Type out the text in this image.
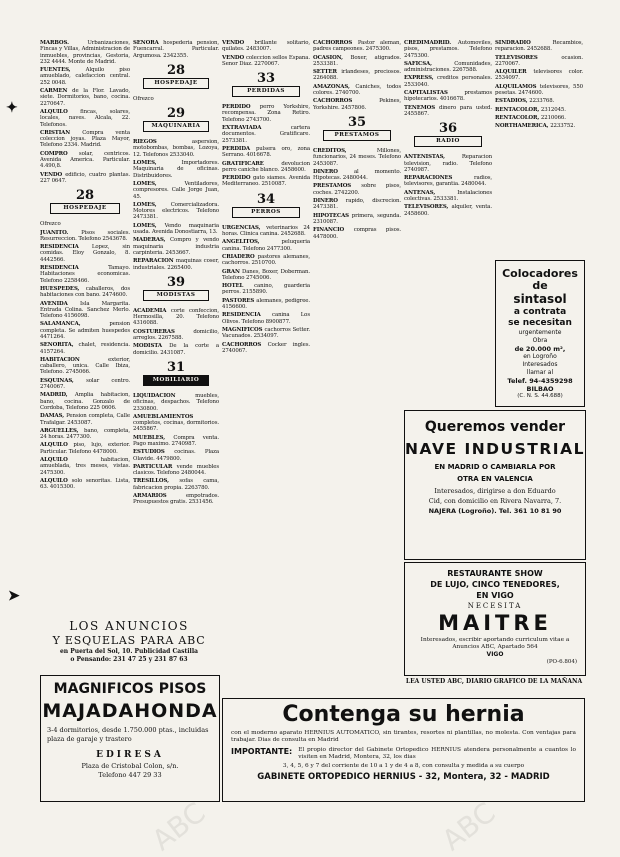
ABC	ABC
✦
➤

MARBOS. Urbanizaciones, Fincas y Villas, Administracion de inmuebles, provincias, Gestoria, 232 4444. Monte de Madrid.

FUENTES, Alquilo piso amueblado, calefaccion central. 252 0048.

CARMEN de la Flor. Lavado, siete. Dormitorios, bano, cocina. 2270647.

ALQUILO fincas, solares, locales, naves. Alcala, 22. Telefonos.

CRISTIAN Compra venta coleccion joyas. Plaza Mayor, Telefono 2334. Madrid.

COMPRO solar, centricos. Avenida America. Particular. 4.490,8.

VENDO edificio, cuatro plantas. 227 0647.

28
HOSPEDAJE

Ofrezco

JUANITO. Pisos sociales. Resurreccion. Telefono 2543678.

RESIDENCIA Lopez, sin comidas. Eloy Gonzalo, 8. 4442566.

RESIDENCIA Tamayo. Habitaciones economicas. Telefono 2258466.

HUESPEDES, caballeros, dos habitaciones con bano. 2474600.

AVENIDA Isla Margarita. Entrada Colina. Sanchez Merlo. Telefono 4156098.

SALAMANCA, pension completa. Se admiten huespedes 4471264.

SENORITA, chalet, residencia. 4157264.

HABITACION exterior, caballero, unica. Calle Ibiza, Telefono. 2745066.

ESQUINAS, solar centro. 2740067.

MADRID, Amplia habitacion, bano, cocina. Gonzalo de Cordoba, Telefono 225 0606.

DAMAS, Pension completa, Calle Trafalgar. 2453087.

ARGUELLES, bano, completa, 24 horas. 2477300.

ALQUILO piso, lujo, exterior. Particular. Telefono 4478000.

ALQUILO habitacion, amueblada, tres meses, vistas. 2475300.

ALQUILO solo senoritas. Lista, 63. 4015300.

SENORA hospederia pension, Fuencarral. Particular. Argumosa. 2342355.

28
HOSPEDAJE

Ofrezco

29
MAQUINARIA

RIEGOS aspersion, motobombas, bombas, Lozoya, 12. Telefonos 2533040.

LOMES, Importadores. Maquinaria de oficinas. Distribuidores.

LOMES, Ventiladores, compresores. Calle Jorge Juan, 45.

LOMES, Comercializadora. Motores electricos. Telefono 2473381.

LOMES, Vendo maquinaria usada. Avenida Donostiarra, 13.

MADERAS, Compro y vendo maquinaria industria carpinteria. 2453667.

REPARACION maquinas coser, industriales. 2265400.

39
MODISTAS

ACADEMIA corte confeccion, Hermosilla, 20. Telefono 4316088.

COSTURERAS domicilio, arreglos. 2267588.

MODISTA De la corte a domicilio. 2431087.

31
MOBILIARIO

LIQUIDACION muebles, oficinas, despachos. Telefono 2330800.

AMUEBLAMIENTOS completos, cocinas, dormitorios. 2455867.

MUEBLES, Compra venta. Pago maximo. 2740987.

ESTUDIOS cocinas. Plaza Olavide. 4479800.

PARTICULAR vende muebles clasicos. Telefono 2480044.

TRESILLOS, sofas cama, fabricacion propia. 2263780.

ARMARIOS empotrados. Presupuestos gratis. 2531456.

VENDO brillante solitario, quilates. 2483007.

VENDO coleccion sellos Espana. Senor Diaz. 2270067.

33
PERDIDAS

PERDIDO perro Yorkshire, recompensa. Zona Retiro. Telefono 2743700.

EXTRAVIADA cartera documentos. Gratificare. 2573381.

PERDIDA pulsera oro, zona Serrano. 4016678.

GRATIFICARE devolucion perro caniche blanco. 2458600.

PERDIDO gato siames. Avenida Mediterraneo. 2510087.

34
PERROS

URGENCIAS, veterinarios 24 horas. Clinica canina. 2452688.

ANGELITOS, peluqueria canina. Telefono 2477300.

CRIADERO pastores alemanes, cachorros. 2510700.

GRAN Danes, Boxer, Doberman. Telefono 2745006.

HOTEL canino, guarderia perros. 2155890.

PASTORES alemanes, pedigree. 4156600.

RESIDENCIA canina Los Olivos. Telefono 8900877.

MAGNIFICOS cachorros Setter. Vacunados. 2534097.

CACHORROS Cocker ingles. 2740067.

CACHORROS Pastor aleman, padres campeones. 2475300.

OCASION, Boxer, atigrados. 2533381.

SETTER irlandeses, preciosos. 2264088.

AMAZONAS, Caniches, todos colores. 2740700.

CACHORROS Pekines, Yorkshire. 2457806.

35
PRESTAMOS

CREDITOS, Millones, funcionarios, 24 meses. Telefono 2453087.

DINERO al momento. Hipotecas. 2480044.

PRESTAMOS sobre pisos, coches. 2742200.

DINERO rapido, discrecion. 2473381.

HIPOTECAS primera, segunda. 2310087.

FINANCIO compras pisos. 4478000.

CREDIMADRID. Automoviles, pisos, prestamos. Telefono 2475300.

SAFICSA, Comunidades, administraciones. 2267588.

EXPRESS, creditos personales. 2533040.

CAPITALISTAS prestamos hipotecarios. 4016678.

TENEMOS dinero para usted. 2455867.

36
RADIO

ANTENISTAS, Reparacion television, radio. Telefono 2740987.

REPARACIONES radios, televisores, garantia. 2480044.

ANTENAS, Instalaciones colectivas. 2533381.

TELEVISORES, alquiler, venta. 2458600.

SINDRADIO Recambios, reparacion. 2452688.

TELEVISORES ocasion. 2270067.

ALQUILER televisores color. 2534097.

ALQUILAMOS televisores, 550 pesetas. 2474600.

ESTADIOS, 2233768.

RENTACOLOR, 2312045.

RENTACOLOR, 2210066.

NORTHAMERICA, 2233752.

Colocadores
de
sintasol
a contrata
se necesitan
urgentemente
Obra
de 20.000 m²,
en Logroño
Interesados
llamar al
Telef. 94-4359298
BILBAO
(C. N. S. 44.688)
Queremos vender
NAVE INDUSTRIAL
EN MADRID O CAMBIARLA POR
OTRA EN VALENCIA
Interesados, dirigirse a don Eduardo
Cid, con domicilio en Rivera Navarra, 7.
NAJERA (Logroño). Tel. 361 10 81 90
RESTAURANTE SHOW
DE LUJO, CINCO TENEDORES,
EN VIGO
NECESITA
MAITRE
Interesados, escribir aportando curriculum vitae a Anuncios ABC, Apartado 564
VIGO
(PO-6.804)
LEA USTED ABC, DIARIO GRAFICO DE LA MAÑANA
LOS ANUNCIOS
Y ESQUELAS PARA ABC
en Puerta del Sol, 10. Publicidad Castilla
o Pensando: 231 47 25 y 231 87 63
MAGNIFICOS PISOS
MAJADAHONDA
3-4 dormitorios, desde 1.750.000 ptas., incluidas plaza de garaje y trastero
EDIRESA
Plaza de Cristobal Colon, s/n.
Telefono 447 29 33
Contenga su hernia
con el moderno aparato HERNIUS AUTOMATICO, sin tirantes, resortes ni plantillas, no molesta. Con ventajas para trabajar. Dias de consulta en Madrid
IMPORTANTE: El propio director del Gabinete Ortopedico HERNIUS atendera personalmente a cuantos lo visiten en Madrid, Montera, 32, los dias
3, 4, 5, 6 y 7 del corriente de 10 a 1 y de 4 a 8, con consulta y medida a su cuerpo
GABINETE ORTOPEDICO HERNIUS - 32, Montera, 32 - MADRID
